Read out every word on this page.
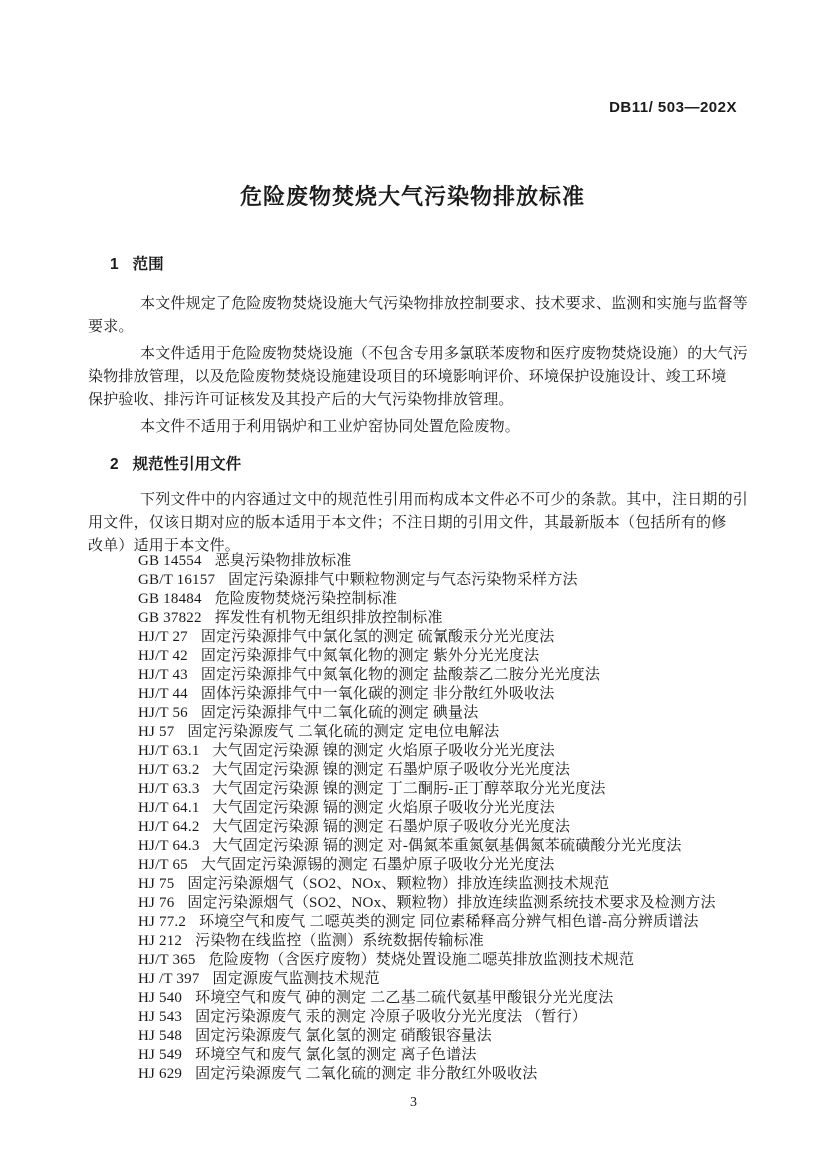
DB11/ 503—202X
危险废物焚烧大气污染物排放标准
1 范围
本文件规定了危险废物焚烧设施大气污染物排放控制要求、技术要求、监测和实施与监督等
要求。
本文件适用于危险废物焚烧设施（不包含专用多氯联苯废物和医疗废物焚烧设施）的大气污
染物排放管理，以及危险废物焚烧设施建设项目的环境影响评价、环境保护设施设计、竣工环境
保护验收、排污许可证核发及其投产后的大气污染物排放管理。
本文件不适用于利用锅炉和工业炉窑协同处置危险废物。
2 规范性引用文件
下列文件中的内容通过文中的规范性引用而构成本文件必不可少的条款。其中，注日期的引
用文件，仅该日期对应的版本适用于本文件；不注日期的引用文件，其最新版本（包括所有的修
改单）适用于本文件。
GB 14554 恶臭污染物排放标准
GB/T 16157 固定污染源排气中颗粒物测定与气态污染物采样方法
GB 18484 危险废物焚烧污染控制标准
GB 37822 挥发性有机物无组织排放控制标准
HJ/T 27 固定污染源排气中氯化氢的测定 硫氰酸汞分光光度法
HJ/T 42 固定污染源排气中氮氧化物的测定 紫外分光光度法
HJ/T 43 固定污染源排气中氮氧化物的测定 盐酸萘乙二胺分光光度法
HJ/T 44 固体污染源排气中一氧化碳的测定 非分散红外吸收法
HJ/T 56 固定污染源排气中二氧化硫的测定 碘量法
HJ 57 固定污染源废气 二氧化硫的测定 定电位电解法
HJ/T 63.1 大气固定污染源 镍的测定 火焰原子吸收分光光度法
HJ/T 63.2 大气固定污染源 镍的测定 石墨炉原子吸收分光光度法
HJ/T 63.3 大气固定污染源 镍的测定 丁二酮肟-正丁醇萃取分光光度法
HJ/T 64.1 大气固定污染源 镉的测定 火焰原子吸收分光光度法
HJ/T 64.2 大气固定污染源 镉的测定 石墨炉原子吸收分光光度法
HJ/T 64.3 大气固定污染源 镉的测定 对-偶氮苯重氮氨基偶氮苯硫磺酸分光光度法
HJ/T 65 大气固定污染源锡的测定 石墨炉原子吸收分光光度法
HJ 75 固定污染源烟气（SO2、NOx、颗粒物）排放连续监测技术规范
HJ 76 固定污染源烟气（SO2、NOx、颗粒物）排放连续监测系统技术要求及检测方法
HJ 77.2 环境空气和废气 二噁英类的测定 同位素稀释高分辨气相色谱-高分辨质谱法
HJ 212 污染物在线监控（监测）系统数据传输标准
HJ/T 365 危险废物（含医疗废物）焚烧处置设施二噁英排放监测技术规范
HJ /T 397 固定源废气监测技术规范
HJ 540 环境空气和废气 砷的测定 二乙基二硫代氨基甲酸银分光光度法
HJ 543 固定污染源废气 汞的测定 冷原子吸收分光光度法 （暂行）
HJ 548 固定污染源废气 氯化氢的测定 硝酸银容量法
HJ 549 环境空气和废气 氯化氢的测定 离子色谱法
HJ 629 固定污染源废气 二氧化硫的测定 非分散红外吸收法
3
